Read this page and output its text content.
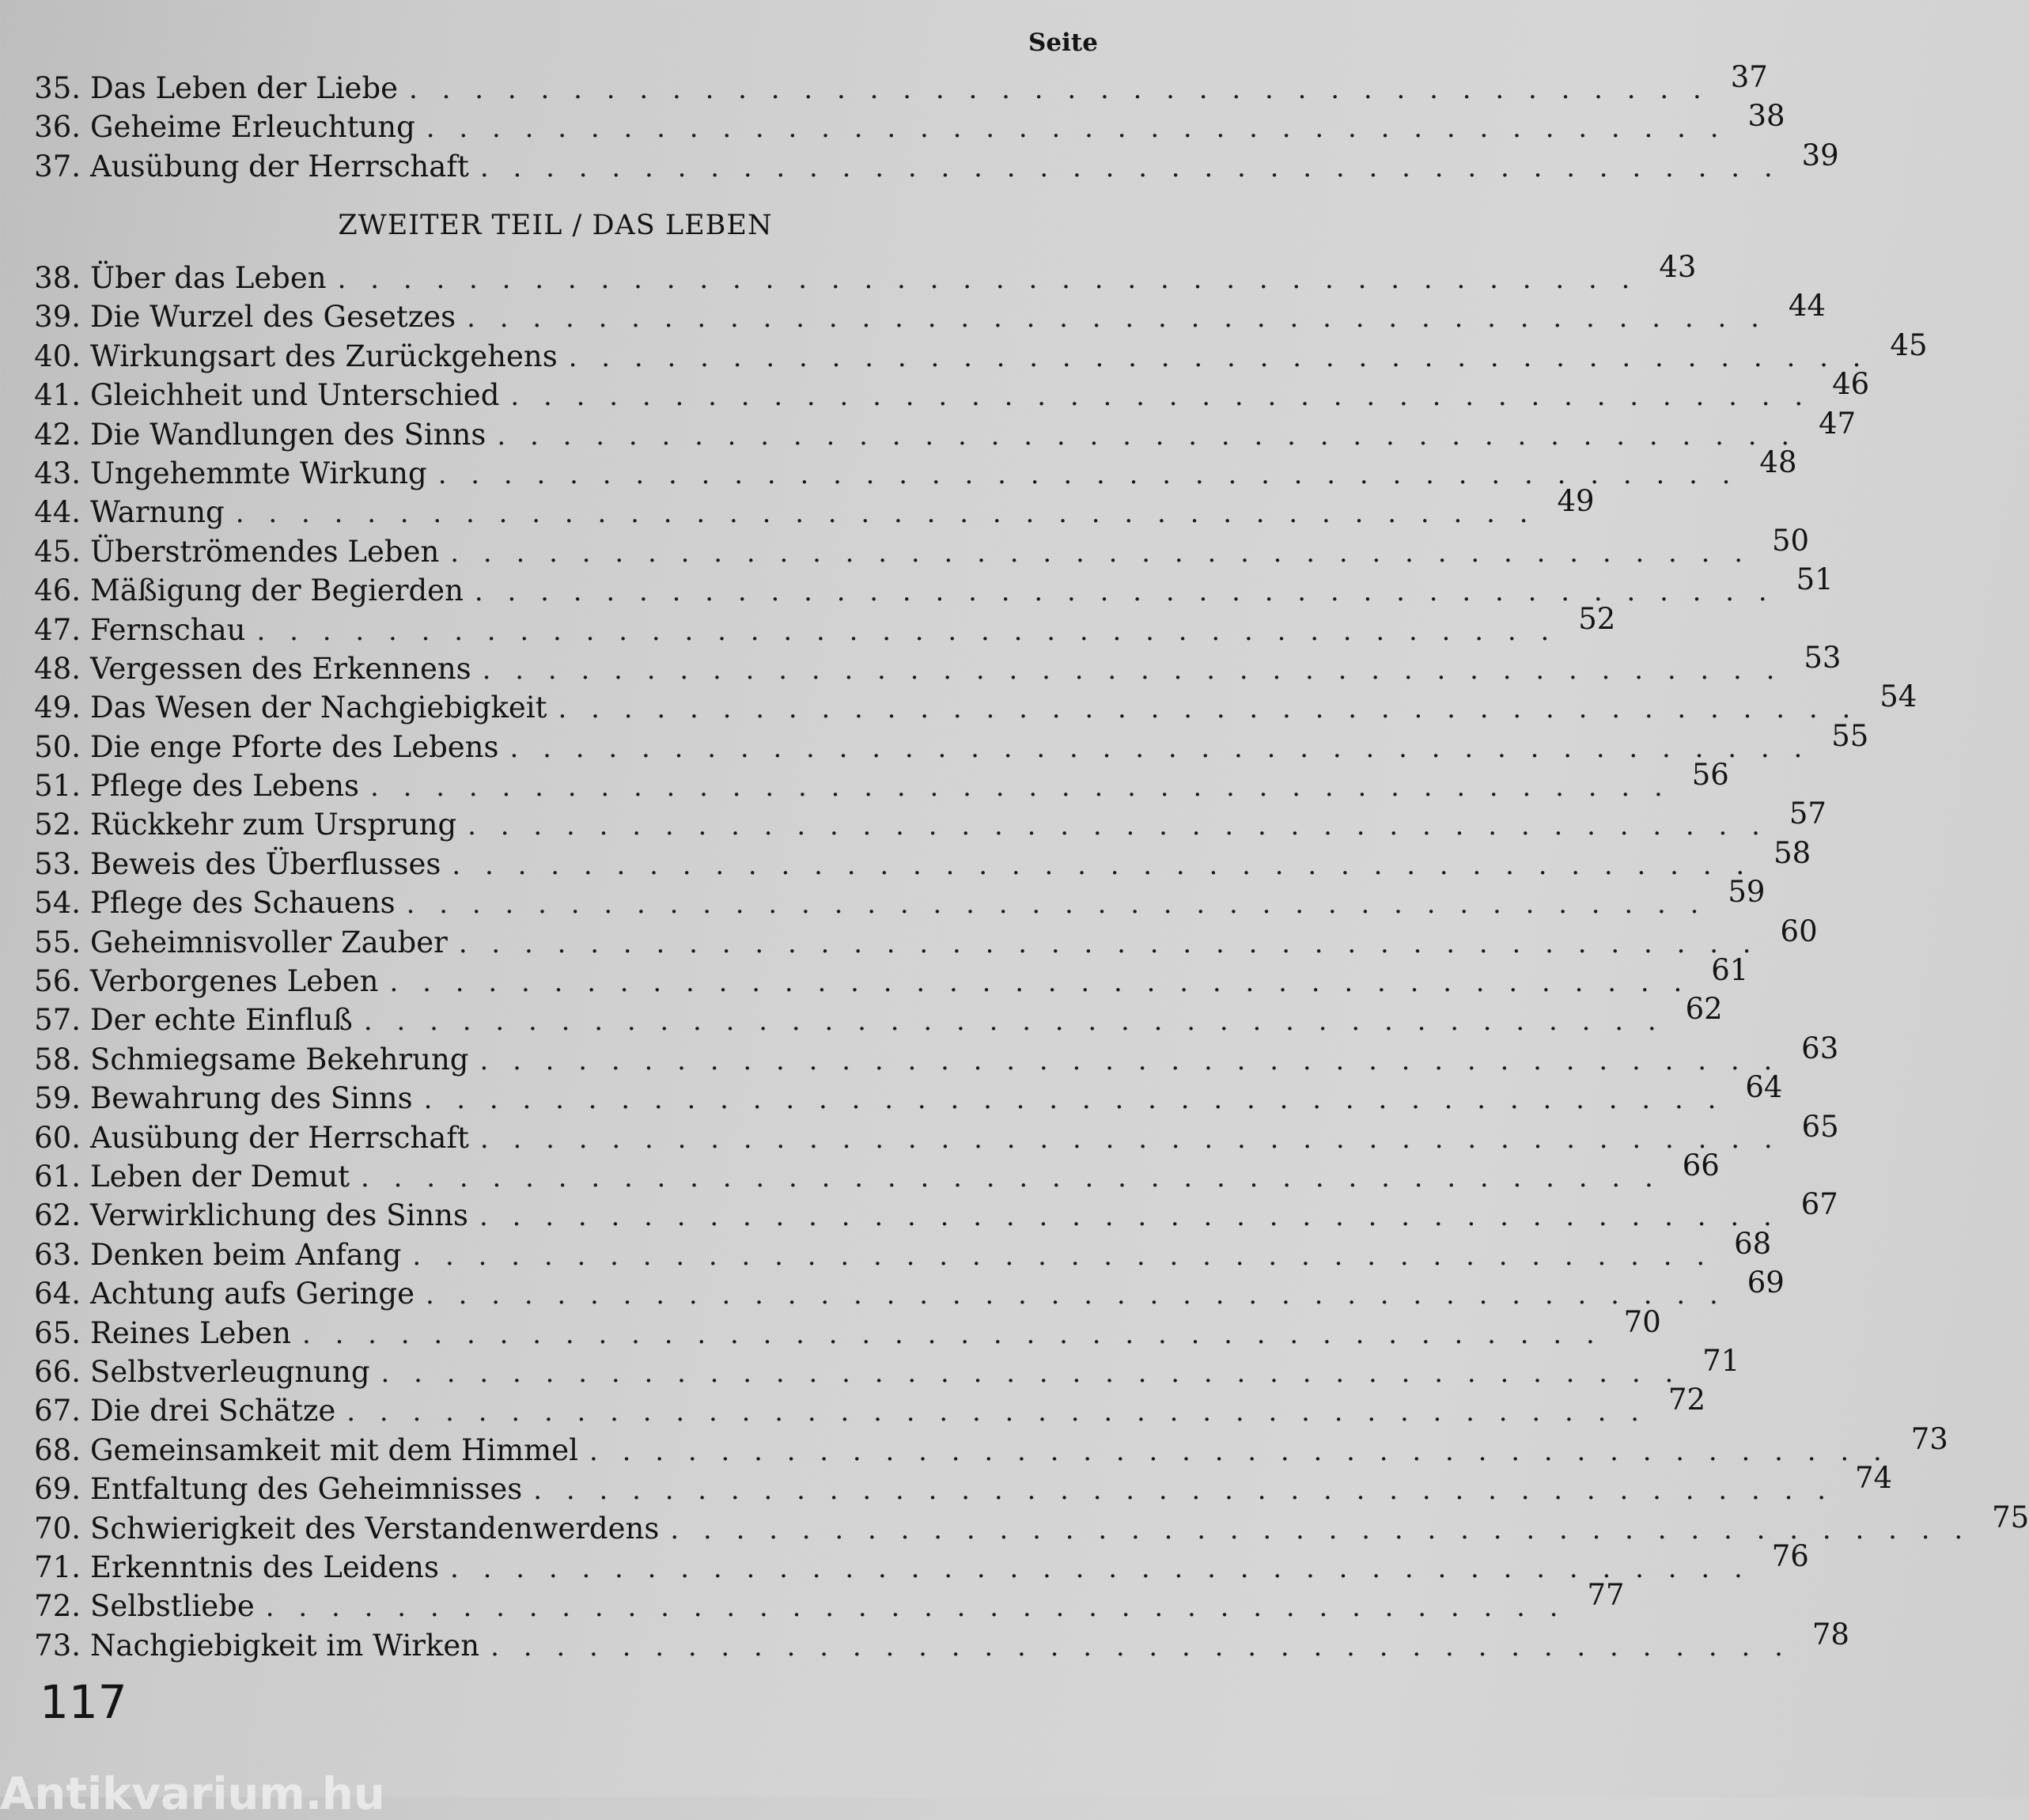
Seite
35. Das Leben der Liebe . . . . . . . . . . . . . . . . . . . . . . . . . . . . . . . . . . . . . . . . 37
36. Geheime Erleuchtung . . . . . . . . . . . . . . . . . . . . . . . . . . . . . . . . . . . . . . . . 38
37. Ausübung der Herrschaft . . . . . . . . . . . . . . . . . . . . . . . . . . . . . . . . . . . . . . . . 39
ZWEITER TEIL / DAS LEBEN
38. Über das Leben . . . . . . . . . . . . . . . . . . . . . . . . . . . . . . . . . . . . . . . . 43
39. Die Wurzel des Gesetzes . . . . . . . . . . . . . . . . . . . . . . . . . . . . . . . . . . . . . . . . 44
40. Wirkungsart des Zurückgehens . . . . . . . . . . . . . . . . . . . . . . . . . . . . . . . . . . . . . . . . 45
41. Gleichheit und Unterschied . . . . . . . . . . . . . . . . . . . . . . . . . . . . . . . . . . . . . . . . 46
42. Die Wandlungen des Sinns . . . . . . . . . . . . . . . . . . . . . . . . . . . . . . . . . . . . . . . . 47
43. Ungehemmte Wirkung . . . . . . . . . . . . . . . . . . . . . . . . . . . . . . . . . . . . . . . . 48
44. Warnung . . . . . . . . . . . . . . . . . . . . . . . . . . . . . . . . . . . . . . . . 49
45. Überströmendes Leben . . . . . . . . . . . . . . . . . . . . . . . . . . . . . . . . . . . . . . . . 50
46. Mäßigung der Begierden . . . . . . . . . . . . . . . . . . . . . . . . . . . . . . . . . . . . . . . . 51
47. Fernschau . . . . . . . . . . . . . . . . . . . . . . . . . . . . . . . . . . . . . . . . 52
48. Vergessen des Erkennens . . . . . . . . . . . . . . . . . . . . . . . . . . . . . . . . . . . . . . . . 53
49. Das Wesen der Nachgiebigkeit . . . . . . . . . . . . . . . . . . . . . . . . . . . . . . . . . . . . . . . . 54
50. Die enge Pforte des Lebens . . . . . . . . . . . . . . . . . . . . . . . . . . . . . . . . . . . . . . . . 55
51. Pflege des Lebens . . . . . . . . . . . . . . . . . . . . . . . . . . . . . . . . . . . . . . . . 56
52. Rückkehr zum Ursprung . . . . . . . . . . . . . . . . . . . . . . . . . . . . . . . . . . . . . . . . 57
53. Beweis des Überflusses . . . . . . . . . . . . . . . . . . . . . . . . . . . . . . . . . . . . . . . . 58
54. Pflege des Schauens . . . . . . . . . . . . . . . . . . . . . . . . . . . . . . . . . . . . . . . . 59
55. Geheimnisvoller Zauber . . . . . . . . . . . . . . . . . . . . . . . . . . . . . . . . . . . . . . . . 60
56. Verborgenes Leben . . . . . . . . . . . . . . . . . . . . . . . . . . . . . . . . . . . . . . . . 61
57. Der echte Einfluß . . . . . . . . . . . . . . . . . . . . . . . . . . . . . . . . . . . . . . . . 62
58. Schmiegsame Bekehrung . . . . . . . . . . . . . . . . . . . . . . . . . . . . . . . . . . . . . . . . 63
59. Bewahrung des Sinns . . . . . . . . . . . . . . . . . . . . . . . . . . . . . . . . . . . . . . . . 64
60. Ausübung der Herrschaft . . . . . . . . . . . . . . . . . . . . . . . . . . . . . . . . . . . . . . . . 65
61. Leben der Demut . . . . . . . . . . . . . . . . . . . . . . . . . . . . . . . . . . . . . . . . 66
62. Verwirklichung des Sinns . . . . . . . . . . . . . . . . . . . . . . . . . . . . . . . . . . . . . . . . 67
63. Denken beim Anfang . . . . . . . . . . . . . . . . . . . . . . . . . . . . . . . . . . . . . . . . 68
64. Achtung aufs Geringe . . . . . . . . . . . . . . . . . . . . . . . . . . . . . . . . . . . . . . . . 69
65. Reines Leben . . . . . . . . . . . . . . . . . . . . . . . . . . . . . . . . . . . . . . . . 70
66. Selbstverleugnung . . . . . . . . . . . . . . . . . . . . . . . . . . . . . . . . . . . . . . . . 71
67. Die drei Schätze . . . . . . . . . . . . . . . . . . . . . . . . . . . . . . . . . . . . . . . . 72
68. Gemeinsamkeit mit dem Himmel . . . . . . . . . . . . . . . . . . . . . . . . . . . . . . . . . . . . . . . . 73
69. Entfaltung des Geheimnisses . . . . . . . . . . . . . . . . . . . . . . . . . . . . . . . . . . . . . . . . 74
70. Schwierigkeit des Verstandenwerdens . . . . . . . . . . . . . . . . . . . . . . . . . . . . . . . . . . . . . . . . 75
71. Erkenntnis des Leidens . . . . . . . . . . . . . . . . . . . . . . . . . . . . . . . . . . . . . . . . 76
72. Selbstliebe . . . . . . . . . . . . . . . . . . . . . . . . . . . . . . . . . . . . . . . . 77
73. Nachgiebigkeit im Wirken . . . . . . . . . . . . . . . . . . . . . . . . . . . . . . . . . . . . . . . . 78
117
Antikvarium.hu
